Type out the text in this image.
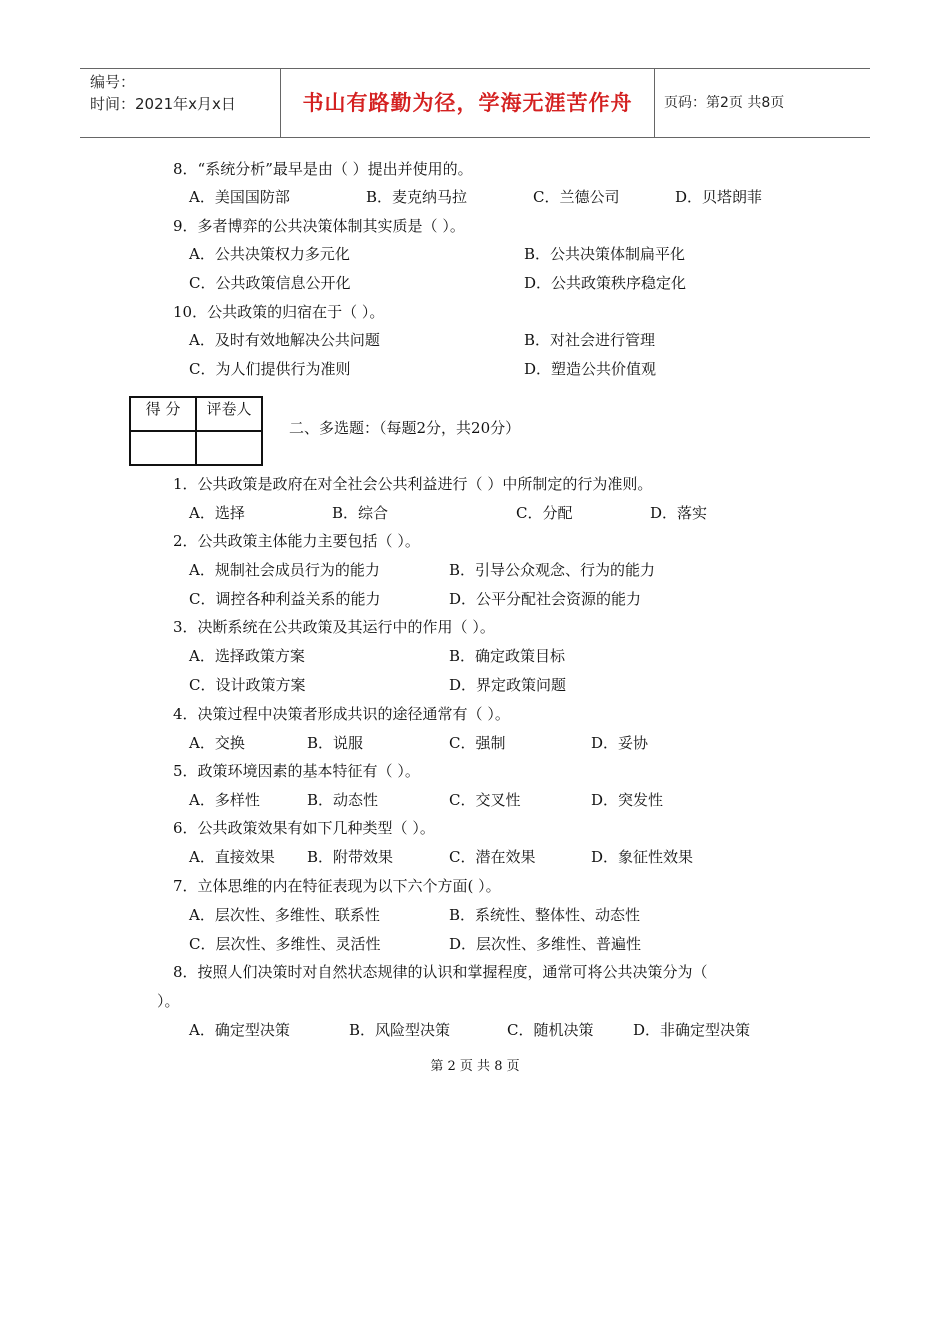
编号：
时间：2021年x月x日	书山有路勤为径，学海无涯苦作舟	页码：第2页 共8页
8．“系统分析”最早是由（ ）提出并使用的。
A．美国国防部	B．麦克纳马拉	C．兰德公司	D．贝塔朗菲
9．多者博弈的公共决策体制其实质是（ ）。
A．公共决策权力多元化	B．公共决策体制扁平化
C．公共政策信息公开化	D．公共政策秩序稳定化
10．公共政策的归宿在于（ ）。
A．及时有效地解决公共问题	B．对社会进行管理
C．为人们提供行为准则	D．塑造公共价值观
得 分	评卷人

二、多选题：（每题2分，共20分）
1．公共政策是政府在对全社会公共利益进行（ ）中所制定的行为准则。
A．选择	B．综合	C．分配	D．落实
2．公共政策主体能力主要包括（ ）。
A．规制社会成员行为的能力	B．引导公众观念、行为的能力
C．调控各种利益关系的能力	D．公平分配社会资源的能力
3．决断系统在公共政策及其运行中的作用（ ）。
A．选择政策方案	B．确定政策目标
C．设计政策方案	D．界定政策问题
4．决策过程中决策者形成共识的途径通常有（ ）。
A．交换	B．说服	C．强制	D．妥协
5．政策环境因素的基本特征有（ ）。
A．多样性	B．动态性	C．交叉性	D．突发性
6．公共政策效果有如下几种类型（ ）。
A．直接效果 B．附带效果	C．潜在效果	D．象征性效果
7．立体思维的内在特征表现为以下六个方面( ）。
A．层次性、多维性、联系性	B．系统性、整体性、动态性
C．层次性、多维性、灵活性	D．层次性、多维性、普遍性
8．按照人们决策时对自然状态规律的认识和掌握程度，通常可将公共决策分为（
）。
A．确定型决策	B．风险型决策	C．随机决策	D．非确定型决策
第 2 页 共 8 页
